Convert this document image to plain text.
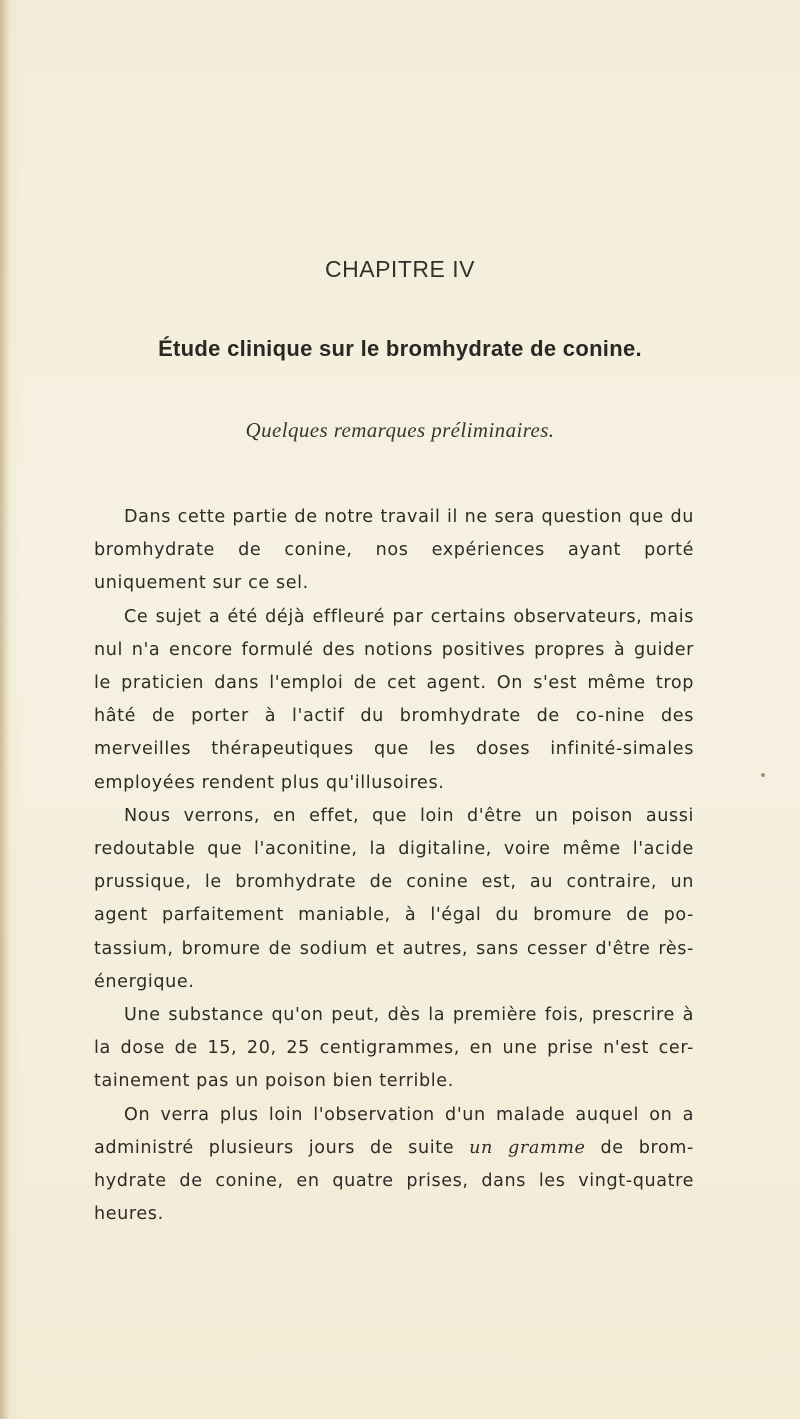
CHAPITRE IV
Étude clinique sur le bromhydrate de conine.
Quelques remarques préliminaires.

Dans cette partie de notre travail il ne sera question que du bromhydrate de conine, nos expériences ayant porté uniquement sur ce sel.

Ce sujet a été déjà effleuré par certains observateurs, mais nul n'a encore formulé des notions positives propres à guider le praticien dans l'emploi de cet agent. On s'est même trop hâté de porter à l'actif du bromhydrate de co-nine des merveilles thérapeutiques que les doses infinité-simales employées rendent plus qu'illusoires.

Nous verrons, en effet, que loin d'être un poison aussi redoutable que l'aconitine, la digitaline, voire même l'acide prussique, le bromhydrate de conine est, au contraire, un agent parfaitement maniable, à l'égal du bromure de po-tassium, bromure de sodium et autres, sans cesser d'être rès-énergique.

Une substance qu'on peut, dès la première fois, prescrire à la dose de 15, 20, 25 centigrammes, en une prise n'est cer-tainement pas un poison bien terrible.

On verra plus loin l'observation d'un malade auquel on a administré plusieurs jours de suite un gramme de brom-hydrate de conine, en quatre prises, dans les vingt-quatre heures.
